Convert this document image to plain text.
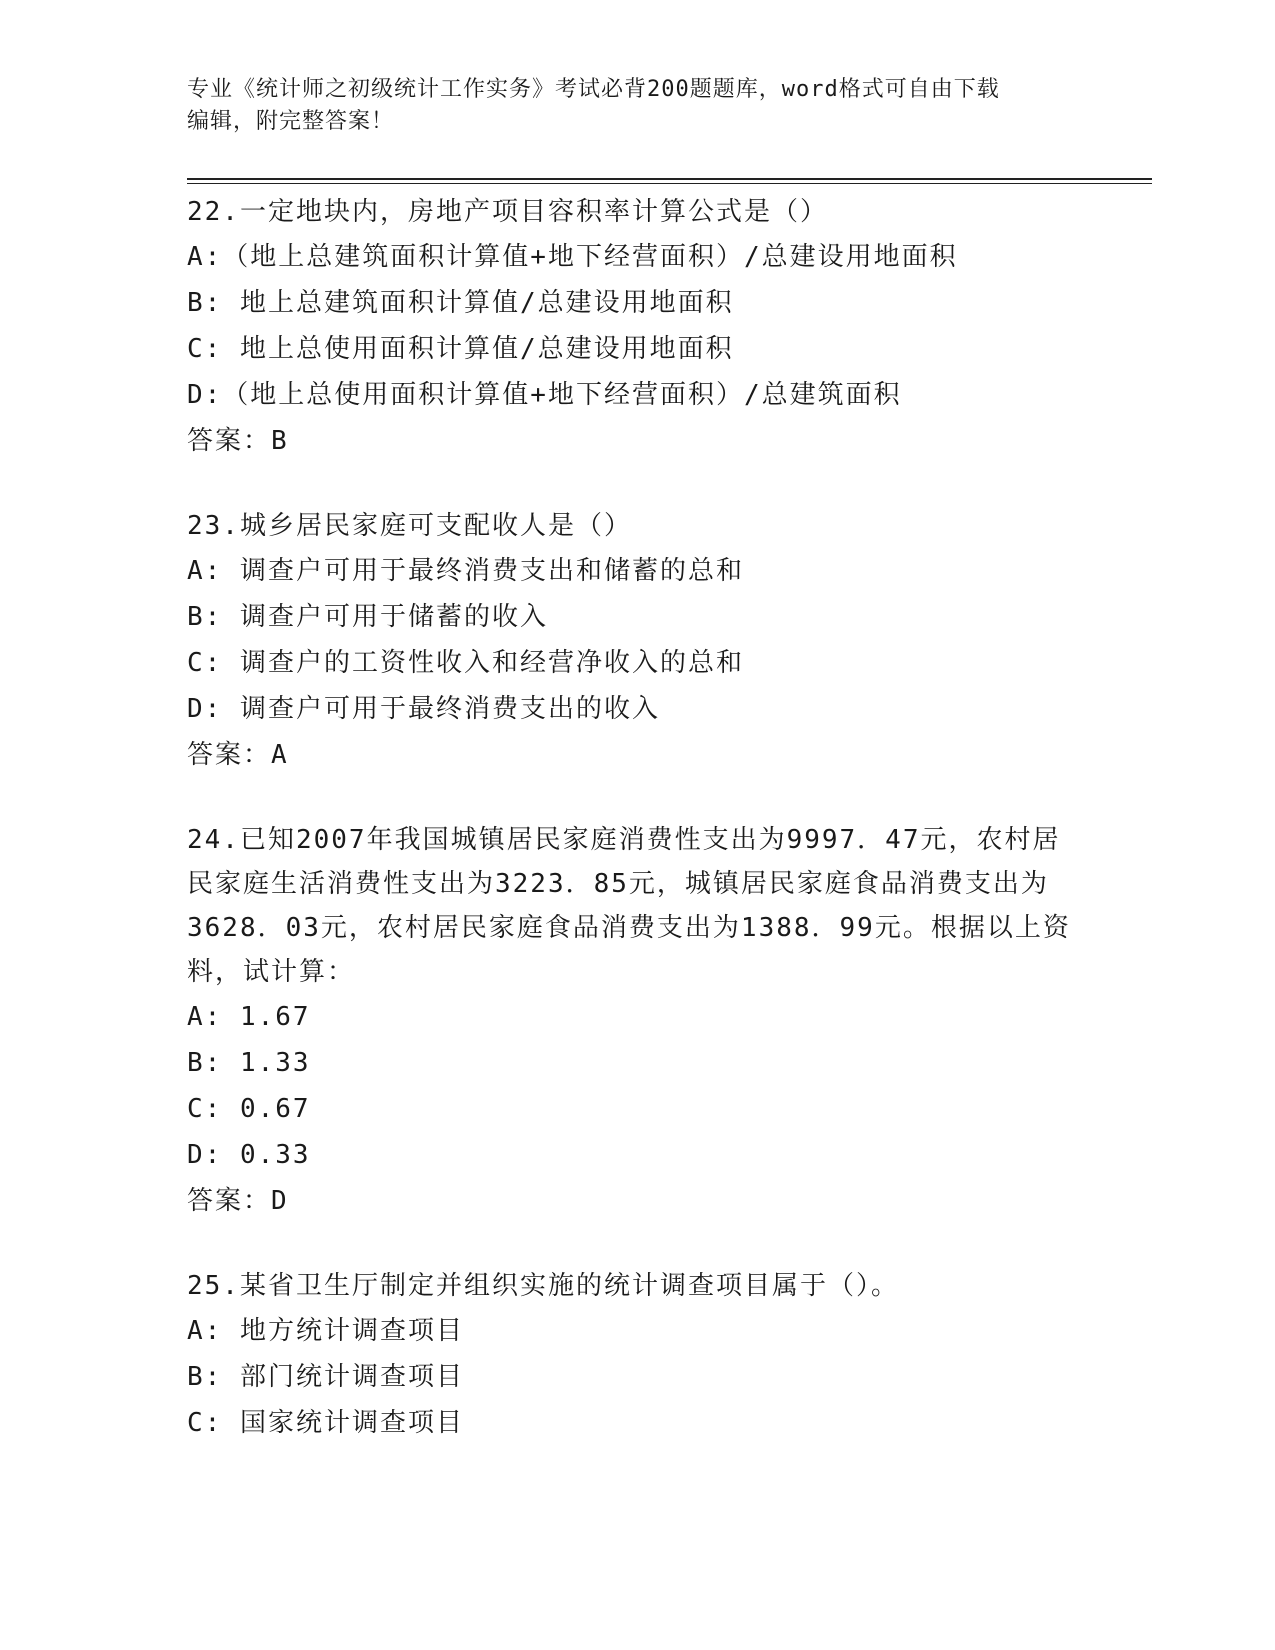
专业《统计师之初级统计工作实务》考试必背200题题库，word格式可自由下载
编辑，附完整答案！

22.一定地块内，房地产项目容积率计算公式是（）

A:（地上总建筑面积计算值+地下经营面积）/总建设用地面积

B: 地上总建筑面积计算值/总建设用地面积

C: 地上总使用面积计算值/总建设用地面积

D:（地上总使用面积计算值+地下经营面积）/总建筑面积

答案：B

23.城乡居民家庭可支配收人是（）

A: 调查户可用于最终消费支出和储蓄的总和

B: 调查户可用于储蓄的收入

C: 调查户的工资性收入和经营净收入的总和

D: 调查户可用于最终消费支出的收入

答案：A

24.已知2007年我国城镇居民家庭消费性支出为9997．47元，农村居

民家庭生活消费性支出为3223．85元，城镇居民家庭食品消费支出为

3628．03元，农村居民家庭食品消费支出为1388．99元。根据以上资

料，试计算：

A: 1.67

B: 1.33

C: 0.67

D: 0.33

答案：D

25.某省卫生厅制定并组织实施的统计调查项目属于（）。

A: 地方统计调查项目

B: 部门统计调查项目

C: 国家统计调查项目
